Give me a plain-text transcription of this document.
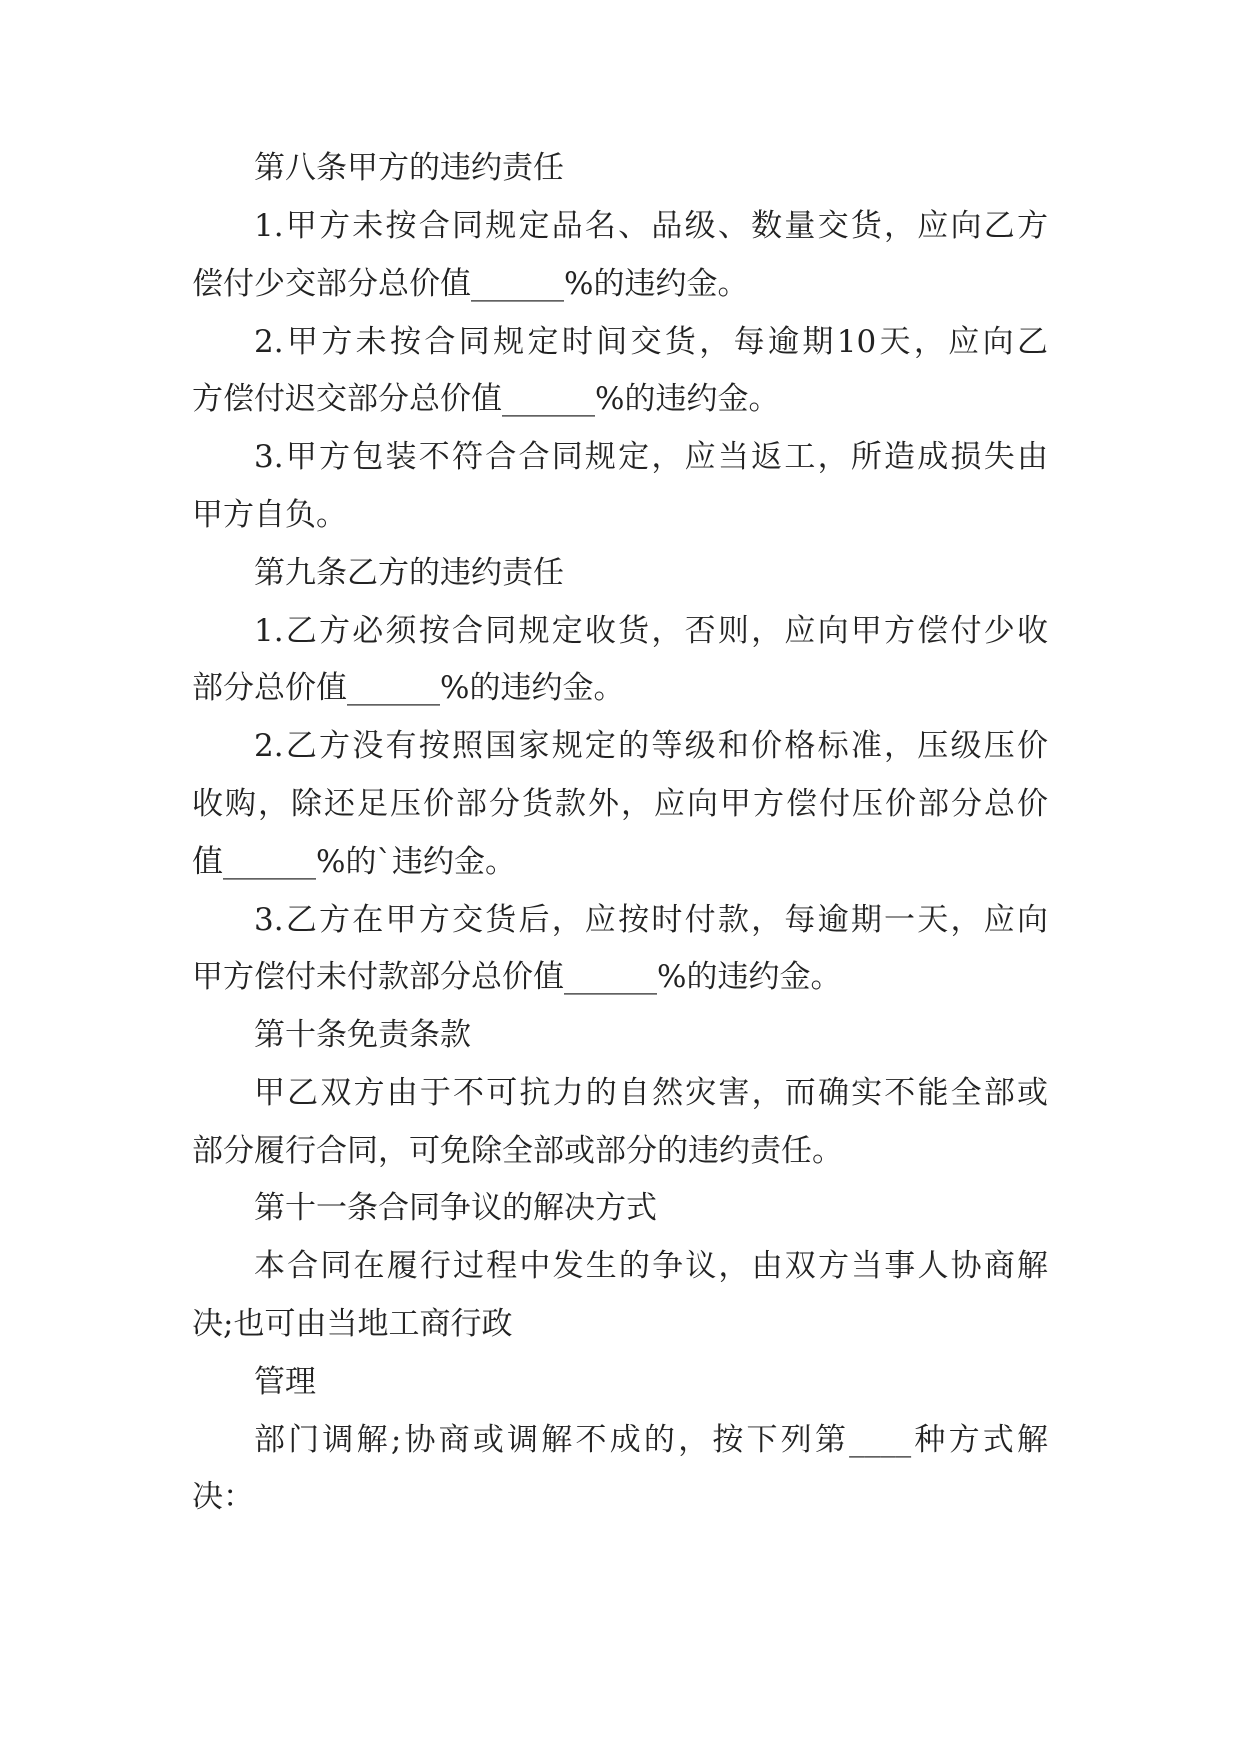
第八条甲方的违约责任
1.甲方未按合同规定品名、品级、数量交货，应向乙方
偿付少交部分总价值______%的违约金。
2.甲方未按合同规定时间交货，每逾期10天，应向乙
方偿付迟交部分总价值______%的违约金。
3.甲方包装不符合合同规定，应当返工，所造成损失由
甲方自负。
第九条乙方的违约责任
1.乙方必须按合同规定收货，否则，应向甲方偿付少收
部分总价值______%的违约金。
2.乙方没有按照国家规定的等级和价格标准，压级压价
收购，除还足压价部分货款外，应向甲方偿付压价部分总价
值______%的`违约金。
3.乙方在甲方交货后，应按时付款，每逾期一天，应向
甲方偿付未付款部分总价值______%的违约金。
第十条免责条款
甲乙双方由于不可抗力的自然灾害，而确实不能全部或
部分履行合同，可免除全部或部分的违约责任。
第十一条合同争议的解决方式
本合同在履行过程中发生的争议，由双方当事人协商解
决;也可由当地工商行政
管理
部门调解;协商或调解不成的，按下列第____种方式解
决：
